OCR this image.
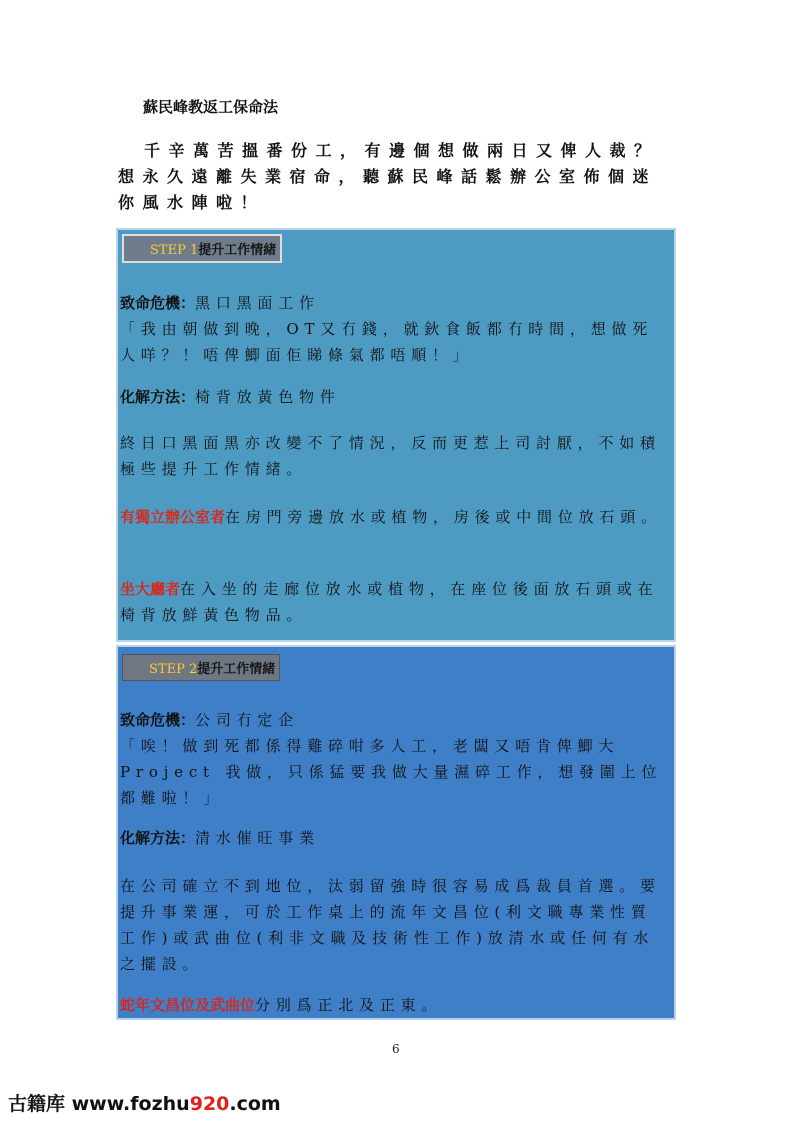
蘇民峰教返工保命法
千辛萬苦搵番份工，有邊個想做兩日又俾人裁？想永久遠離失業宿命，聽蘇民峰話鬆辦公室佈個迷你風水陣啦！
STEP 1提升工作情緒
致命危機：黑口黑面工作
「我由朝做到晚，OT又冇錢，就鈥食飯都冇時間，想做死人咩？！唔俾鯽面佢睇條氣都唔順！」
化解方法：椅背放黃色物件
終日口黑面黑亦改變不了情況，反而更惹上司討厭，不如積極些提升工作情緒。
有獨立辦公室者在房門旁邊放水或植物，房後或中間位放石頭。
坐大廳者在入坐的走廊位放水或植物，在座位後面放石頭或在椅背放鮮黃色物品。
STEP 2提升工作情緒
致命危機：公司冇定企
「唉！做到死都係得雞碎咁多人工，老闆又唔肯俾鯽大 Project 我做，只係猛要我做大量濕碎工作，想發圍上位都難啦！」
化解方法：清水催旺事業
在公司確立不到地位，汰弱留強時很容易成爲裁員首選。要提升事業運，可於工作桌上的流年文昌位(利文職專業性質工作)或武曲位(利非文職及技術性工作)放清水或任何有水之擺設。
蛇年文昌位及武曲位分別爲正北及正東。
6
古籍库 www.fozhu920.com
